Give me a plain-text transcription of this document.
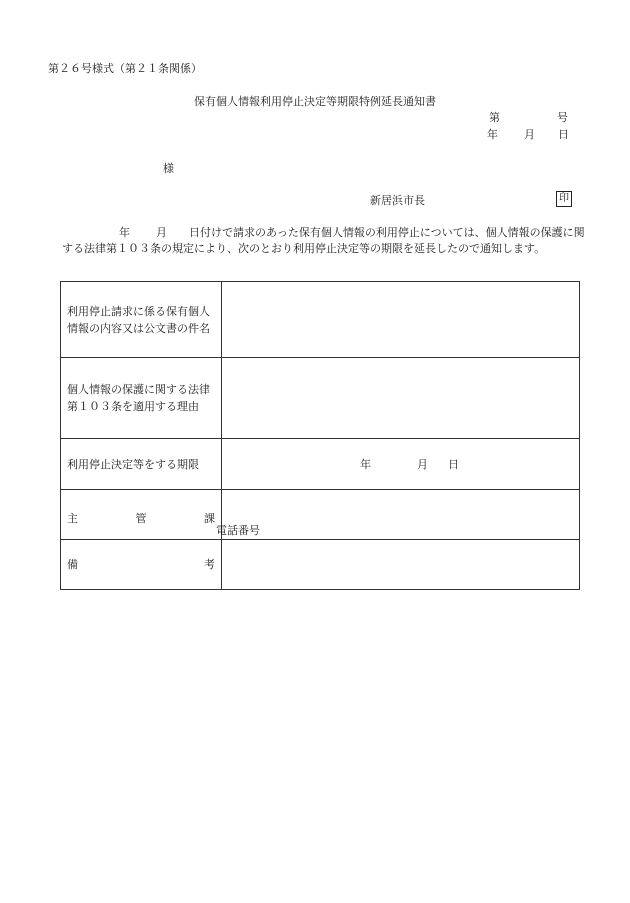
第２６号様式（第２１条関係）
保有個人情報利用停止決定等期限特例延長通知書
第	号
年 月 日
様
新居浜市長	印
年 月 日付けで請求のあった保有個人情報の利用停止については、個人情報の保護に関する法律第１０３条の規定により、次のとおり利用停止決定等の期限を延長したので通知します。
利用停止請求に係る保有個人情報の内容又は公文書の件名	
個人情報の保護に関する法律第１０３条を適用する理由	
利用停止決定等をする期限	年 月 日

主 管 課	電話番号

備 考	
